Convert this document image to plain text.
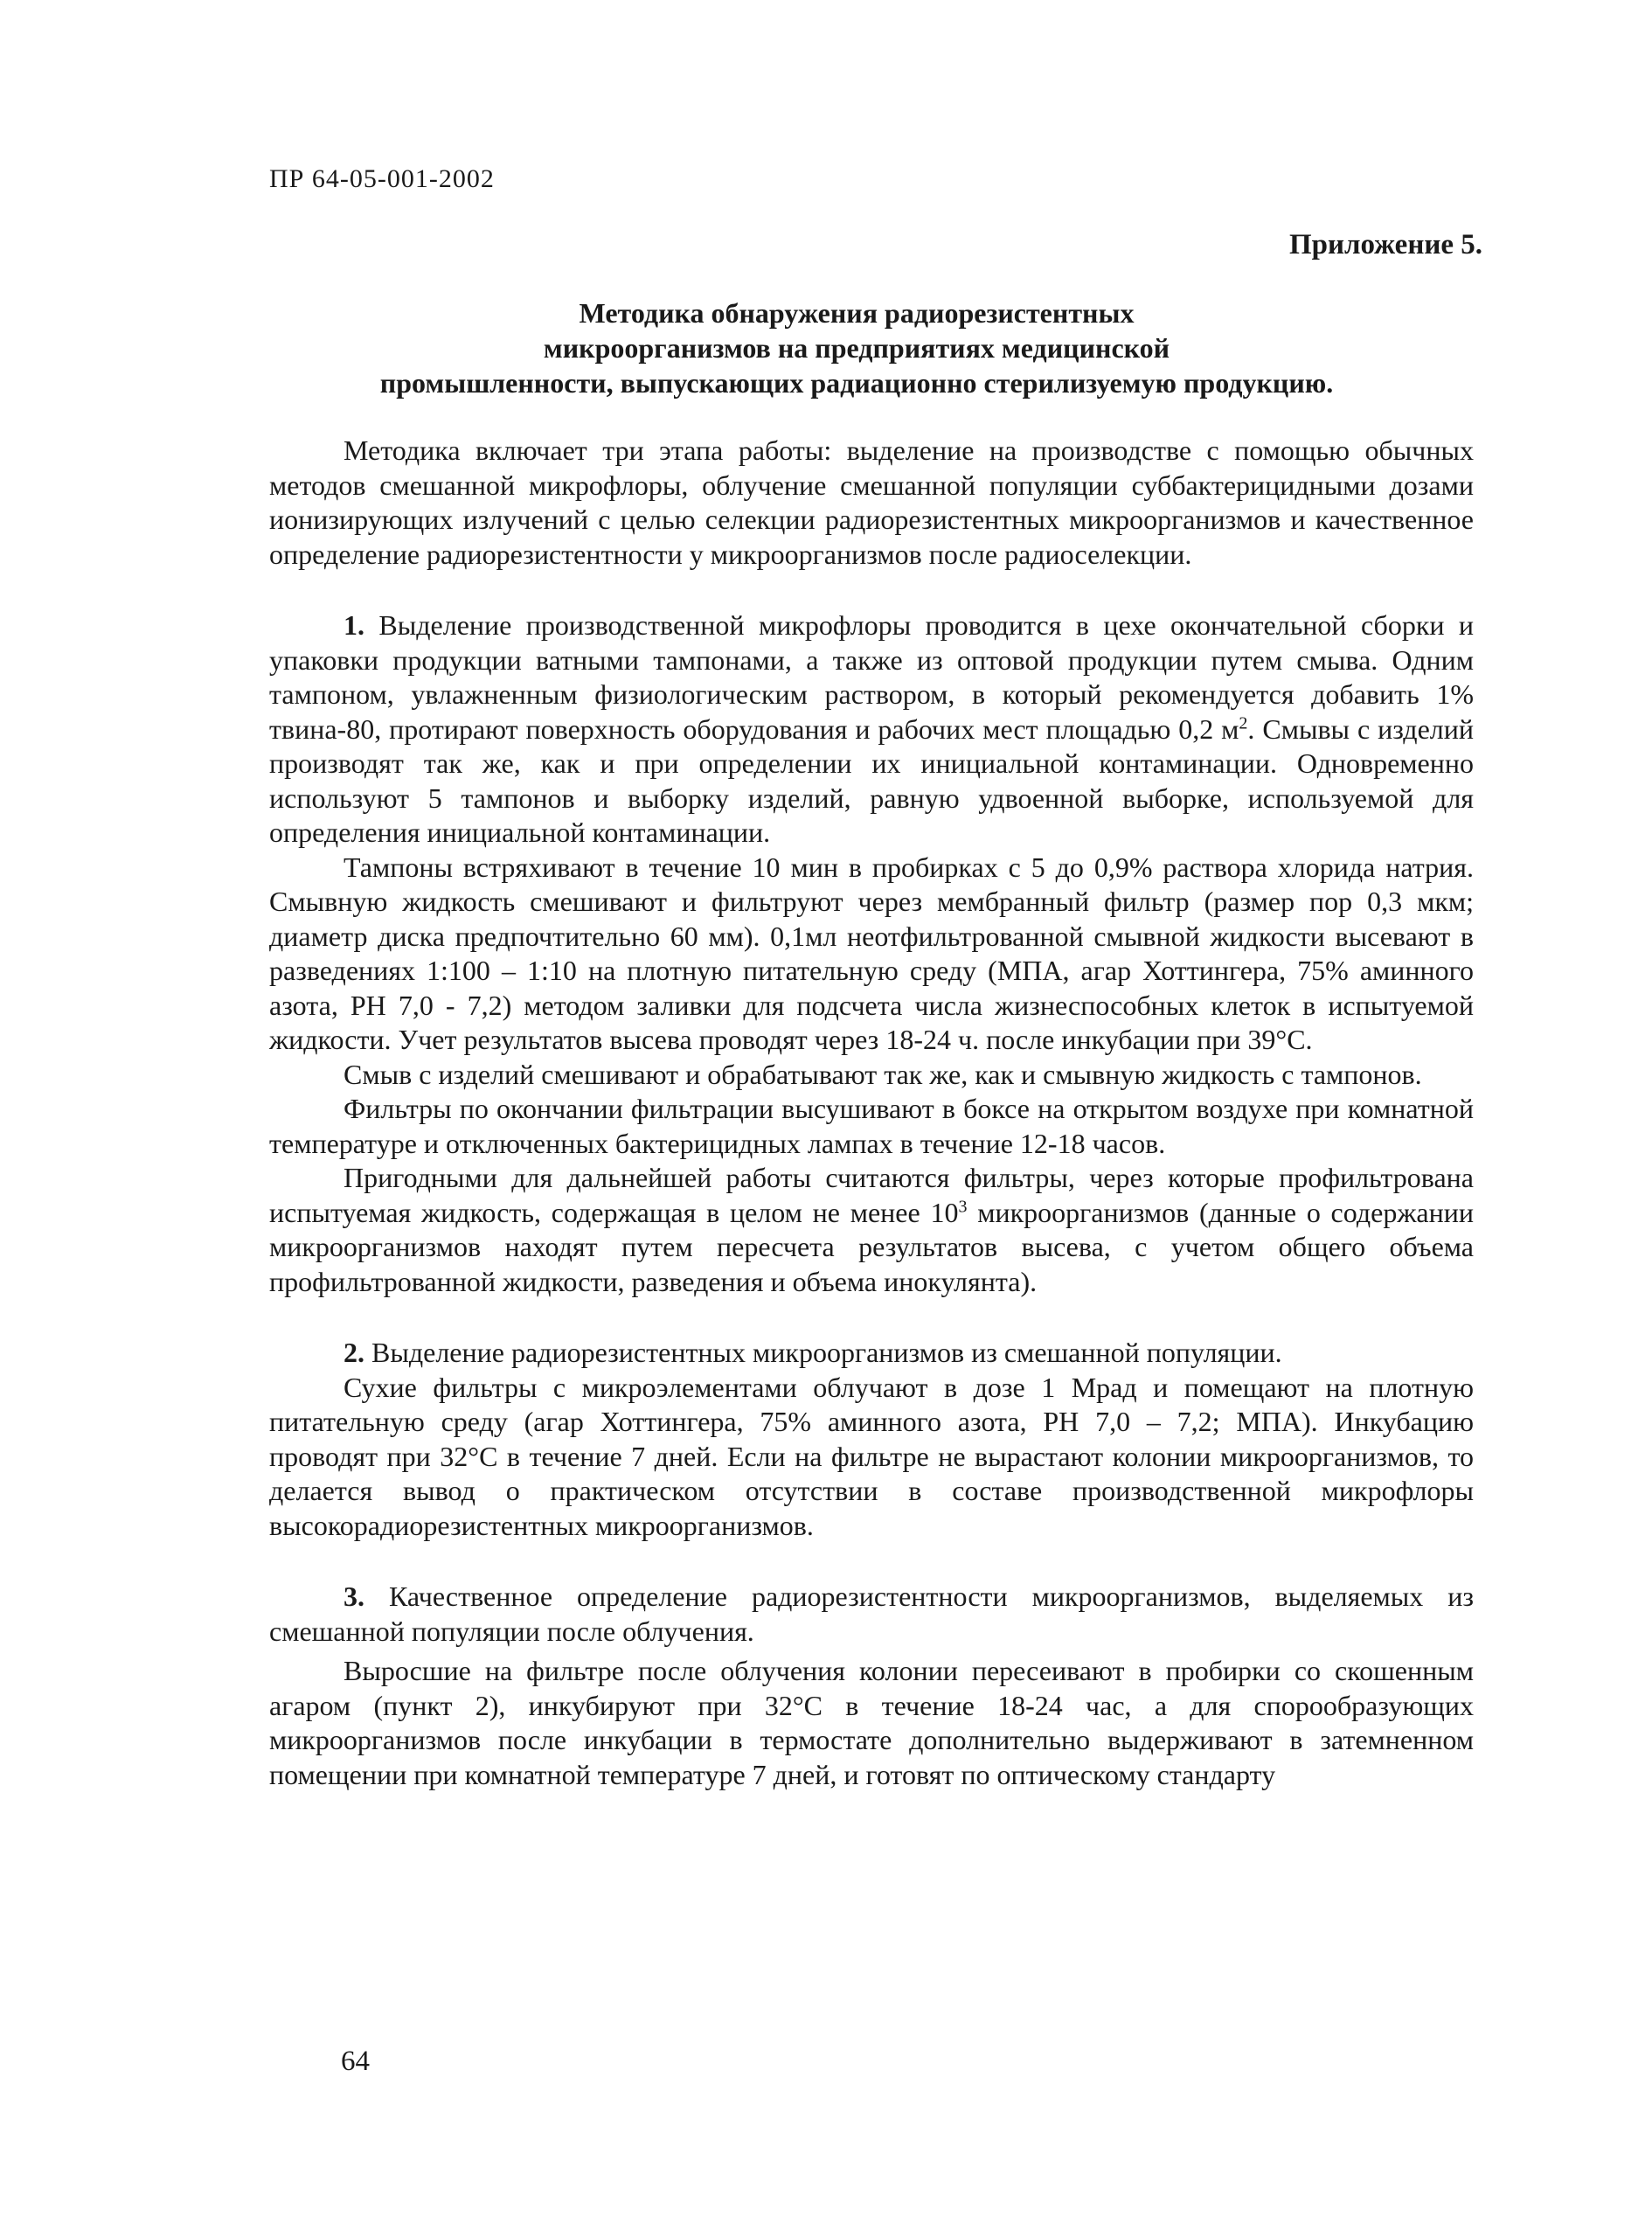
ПР 64-05-001-2002
Приложение 5.
Методика обнаружения радиорезистентных
микроорганизмов на предприятиях медицинской
промышленности, выпускающих радиационно стерилизуемую продукцию.

Методика включает три этапа работы: выделение на производстве с помощью обычных методов смешанной микрофлоры, облучение смешанной популяции суббактерицидными дозами ионизирующих излучений с целью селекции радиорезистентных микроорганизмов и качественное определение радиорезистентности у микроорганизмов после радиоселекции.

1. Выделение производственной микрофлоры проводится в цехе окончательной сборки и упаковки продукции ватными тампонами, а также из оптовой продукции путем смыва. Одним тампоном, увлажненным физиологическим раствором, в который рекомендуется добавить 1% твина-80, протирают поверхность оборудования и рабочих мест площадью 0,2 $м^2$. Смывы с изделий производят так же, как и при определении их инициальной контаминации. Одновременно используют 5 тампонов и выборку изделий, равную удвоенной выборке, используемой для определения инициальной контаминации.

Тампоны встряхивают в течение 10 мин в пробирках с 5 до 0,9% раствора хлорида натрия. Смывную жидкость смешивают и фильтруют через мембранный фильтр (размер пор 0,3 мкм; диаметр диска предпочтительно 60 мм). 0,1мл неотфильтрованной смывной жидкости высевают в разведениях 1:100 – 1:10 на плотную питательную среду (МПА, агар Хоттингера, 75% аминного азота, РН 7,0 - 7,2) методом заливки для подсчета числа жизнеспособных клеток в испытуемой жидкости. Учет результатов высева проводят через 18-24 ч. после инкубации при 39°С.

Смыв с изделий смешивают и обрабатывают так же, как и смывную жидкость с тампонов.

Фильтры по окончании фильтрации высушивают в боксе на открытом воздухе при комнатной температуре и отключенных бактерицидных лампах в течение 12-18 часов.

Пригодными для дальнейшей работы считаются фильтры, через которые профильтрована испытуемая жидкость, содержащая в целом не менее $10^3$ микроорганизмов (данные о содержании микроорганизмов находят путем пересчета результатов высева, с учетом общего объема профильтрованной жидкости, разведения и объема инокулянта).

2. Выделение радиорезистентных микроорганизмов из смешанной популяции.

Сухие фильтры с микроэлементами облучают в дозе 1 Мрад и помещают на плотную питательную среду (агар Хоттингера, 75% аминного азота, РН 7,0 – 7,2; МПА). Инкубацию проводят при 32°С в течение 7 дней. Если на фильтре не вырастают колонии микроорганизмов, то делается вывод о практическом отсутствии в составе производственной микрофлоры высокорадиорезистентных микроорганизмов.

3. Качественное определение радиорезистентности микроорганизмов, выделяемых из смешанной популяции после облучения.

Выросшие на фильтре после облучения колонии пересеивают в пробирки со скошенным агаром (пункт 2), инкубируют при 32°С в течение 18-24 час, а для спорообразующих микроорганизмов после инкубации в термостате дополнительно выдерживают в затемненном помещении при комнатной температуре 7 дней, и готовят по оптическому стандарту

64
